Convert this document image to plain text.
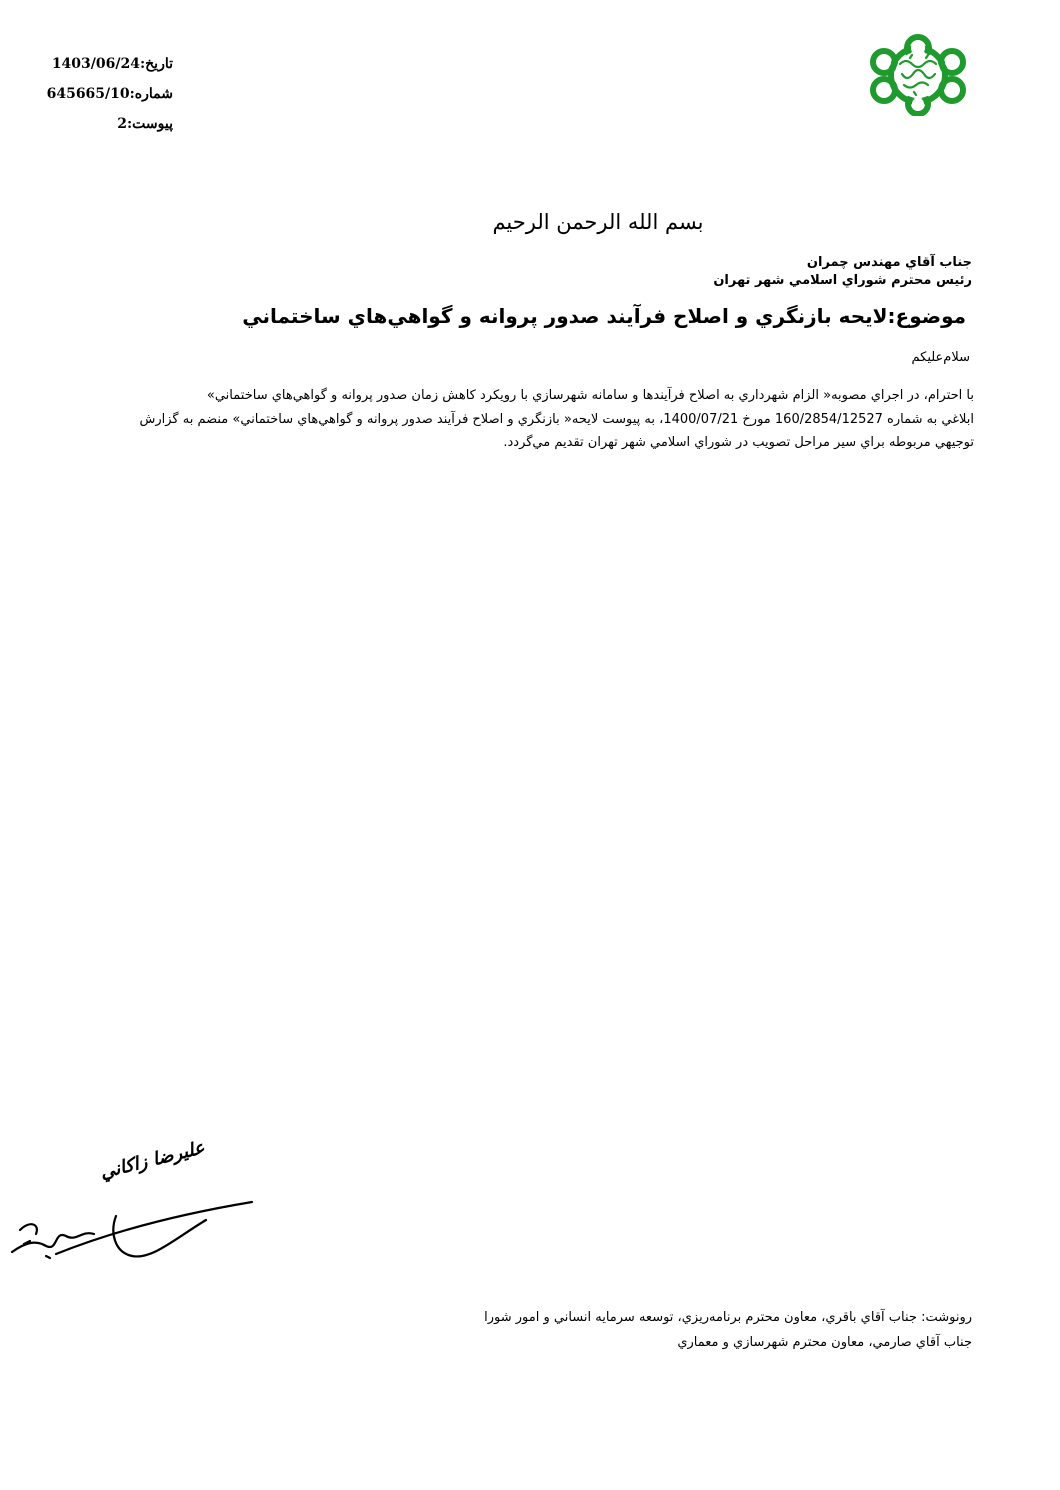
تاريخ:1403/06/24
شماره:645665/10
پيوست:2
بسم الله الرحمن الرحيم
جناب آقاي مهندس چمران
رئيس محترم شوراي اسلامي شهر تهران
موضوع:لايحه بازنگري و اصلاح فرآيند صدور پروانه و گواهي‌هاي ساختماني
سلام‌عليكم
با احترام، در اجراي مصوبه« الزام شهرداري به اصلاح فرآيندها و سامانه شهرسازي با رويكرد كاهش زمان صدور پروانه و گواهي‌هاي ساختماني»
ابلاغي به شماره 160/2854/12527 مورخ 1400/07/21، به پيوست لايحه« بازنگري و اصلاح فرآيند صدور پروانه و گواهي‌هاي ساختماني» منضم به گزارش
توجيهي مربوطه براي سير مراحل تصويب در شوراي اسلامي شهر تهران تقديم مي‌گردد.
عليرضا زاكاني
رونوشت: جناب آقاي باقري، معاون محترم برنامه‌ريزي، توسعه سرمايه انساني و امور شورا
جناب آقاي صارمي، معاون محترم شهرسازي و معماري
